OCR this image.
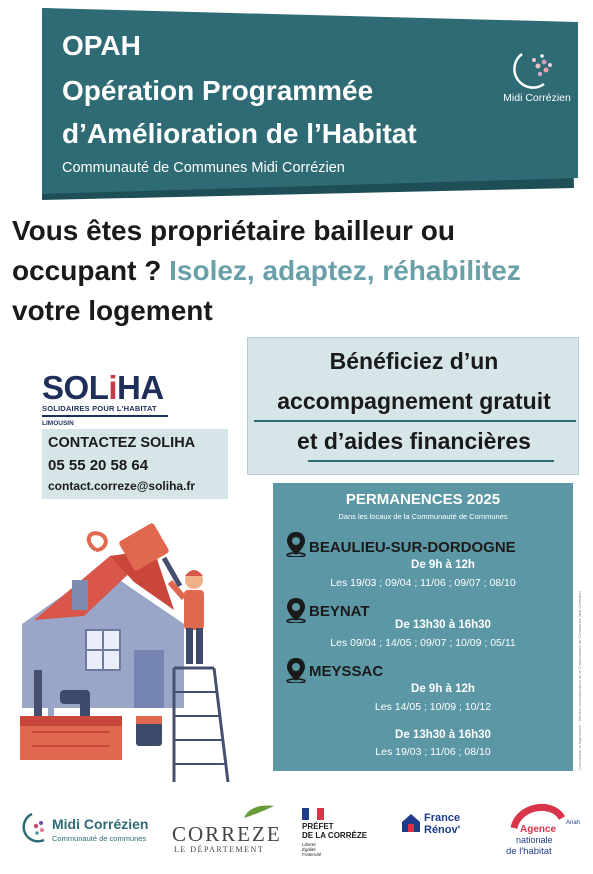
OPAH
Opération Programmée
d’Amélioration de l’Habitat
Communauté de Communes Midi Corrézien
Midi Corrézien
Vous êtes propriétaire bailleur ou
occupant ? Isolez, adaptez, réhabilitez
votre logement
Bénéficiez d’un
accompagnement gratuit
et d’aides financières
SOLiHA
SOLIDAIRES POUR L'HABITAT
LIMOUSIN
CONTACTEZ SOLIHA
05 55 20 58 64
contact.correze@soliha.fr
PERMANENCES 2025
Dans les locaux de la Communauté de Communes
BEAULIEU-SUR-DORDOGNE
De 9h à 12h
Les 19/03 ; 09/04 ; 11/06 ; 09/07 ; 08/10
BEYNAT
De 13h30 à 16h30
Les 09/04 ; 14/05 ; 09/07 ; 10/09 ; 05/11
MEYSSAC
De 9h à 12h
Les 14/05 ; 10/09 ; 10/12
De 13h30 à 16h30
Les 19/03 ; 11/06 ; 08/10	Conception et impression : Service communication de la Communauté de Communes Midi Corrézien
Midi Corrézien
Communauté de communes CORREZE
LE DÉPARTEMENT
PRÉFET
DE LA CORRÈZE
Liberté
Égalité
Fraternité
France
Rénov'	Agence
nationale
de l'habitat
Anah
